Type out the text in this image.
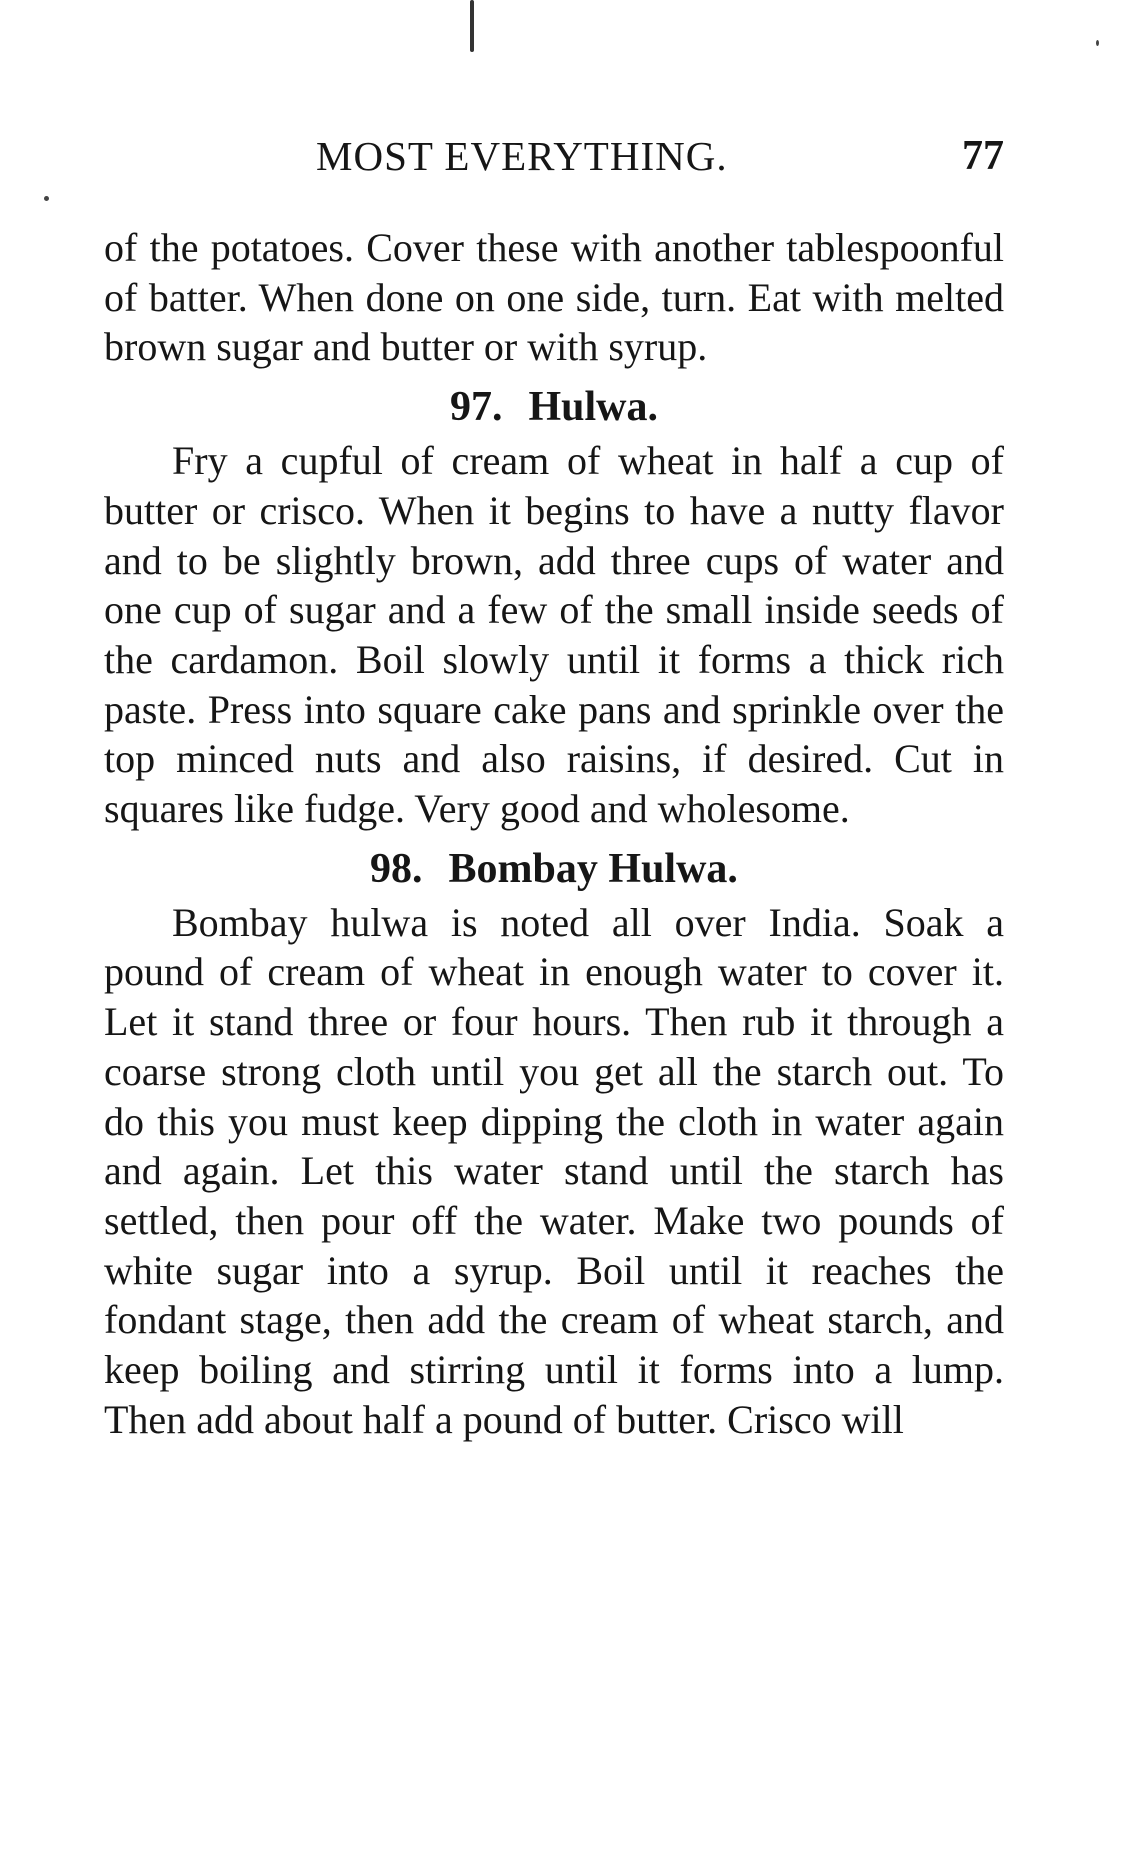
MOST EVERYTHING.	77

of the potatoes. Cover these with another tablespoonful of batter. When done on one side, turn. Eat with melted brown sugar and butter or with syrup.

97. Hulwa.

Fry a cupful of cream of wheat in half a cup of butter or crisco. When it begins to have a nutty flavor and to be slightly brown, add three cups of water and one cup of sugar and a few of the small inside seeds of the cardamon. Boil slowly until it forms a thick rich paste. Press into square cake pans and sprinkle over the top minced nuts and also raisins, if desired. Cut in squares like fudge. Very good and wholesome.

98. Bombay Hulwa.

Bombay hulwa is noted all over India. Soak a pound of cream of wheat in enough water to cover it. Let it stand three or four hours. Then rub it through a coarse strong cloth until you get all the starch out. To do this you must keep dipping the cloth in water again and again. Let this water stand until the starch has settled, then pour off the water. Make two pounds of white sugar into a syrup. Boil until it reaches the fondant stage, then add the cream of wheat starch, and keep boiling and stirring until it forms into a lump. Then add about half a pound of butter. Crisco will
